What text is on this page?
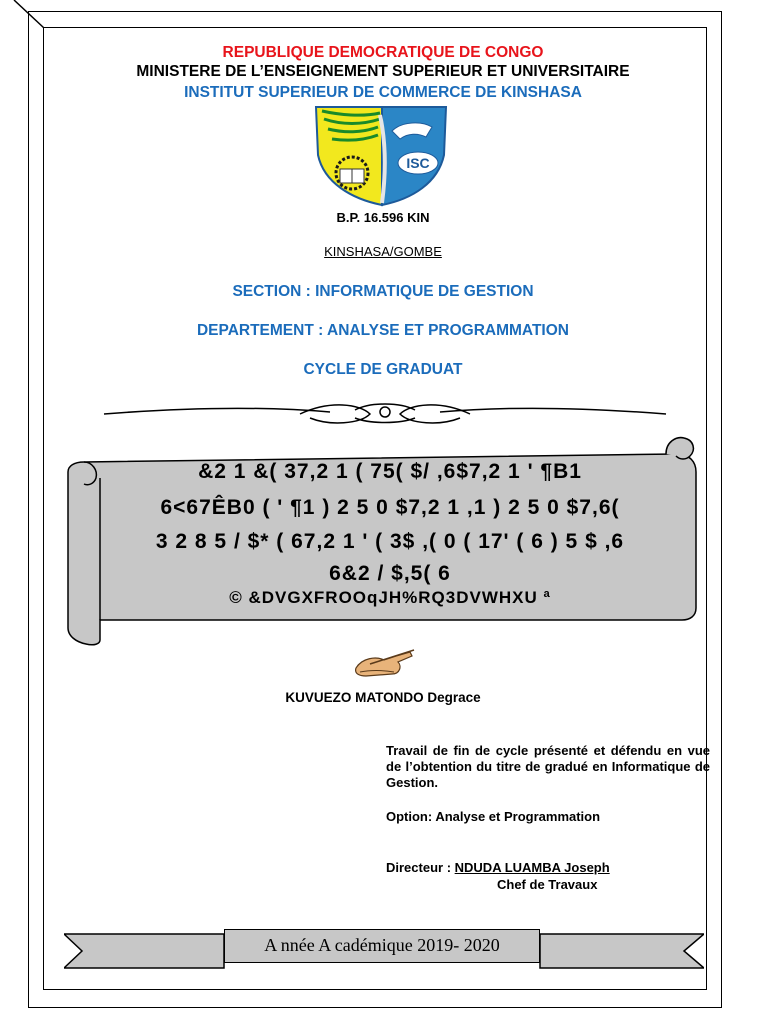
REPUBLIQUE DEMOCRATIQUE DE CONGO
MINISTERE DE L’ENSEIGNEMENT SUPERIEUR ET UNIVERSITAIRE
INSTITUT SUPERIEUR DE COMMERCE DE KINSHASA
ISC
B.P. 16.596 KIN
KINSHASA/GOMBE
SECTION : INFORMATIQUE DE GESTION
DEPARTEMENT : ANALYSE ET PROGRAMMATION
CYCLE DE GRADUAT
&2 1 &( 37,2 1 ( 75( $/ ,6$7,2 1 ' ¶B1
6<67ÊB0 ( ' ¶1 ) 2 5 0 $7,2 1 ,1 ) 2 5 0 $7,6(
3 2 8 5 / $* ( 67,2 1 ' ( 3$ ,( 0 ( 17' ( 6 ) 5 $ ,6
6&2 / $,5( 6
© &DVGXFROOqJH%RQ3DVWHXU ª
KUVUEZO MATONDO Degrace
Travail de fin de cycle présenté et défendu en vue de l’obtention du titre de gradué en Informatique de Gestion.
Option: Analyse et Programmation
Directeur : NDUDA LUAMBA Joseph
Chef de Travaux
A nnée A cadémique 2019- 2020
